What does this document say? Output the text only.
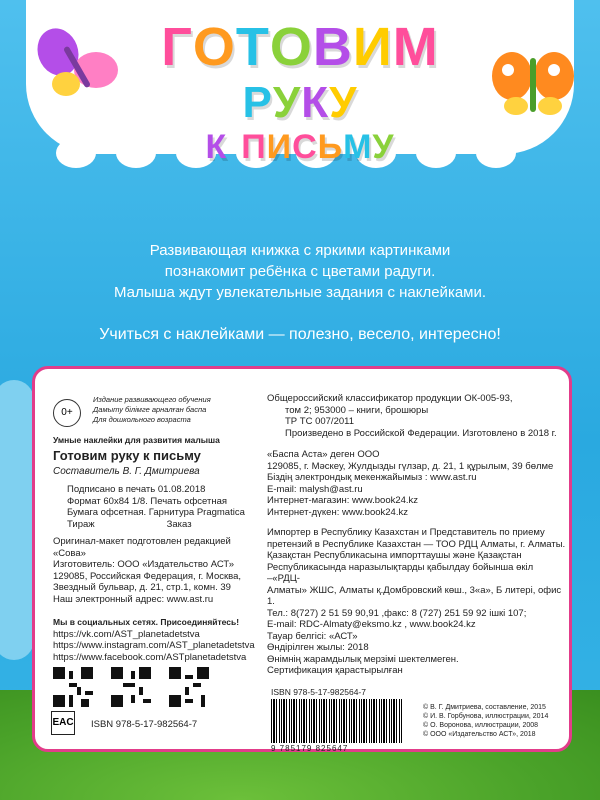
ГОТОВИМ
РУКУ
К ПИСЬМУ
Развивающая книжка с яркими картинками
познакомит ребёнка с цветами радуги.
Малыша ждут увлекательные задания с наклейками.
Учиться с наклейками — полезно, весело, интересно!
0+
Издание развивающего обучения
Дамыту білімге арналған баспа
Для дошкольного возраста
Умные наклейки для развития малыша
Готовим руку к письму
Составитель В. Г. Дмитриева
Подписано в печать 01.08.2018
Формат 60х84 1/8. Печать офсетная
Бумага офсетная. Гарнитура Pragmatica
Тираж	Заказ
Оригинал-макет подготовлен редакцией «Сова»
Изготовитель: ООО «Издательство АСТ»
129085, Российская Федерация, г. Москва,
Звездный бульвар, д. 21, стр.1, комн. 39
Наш электронный адрес: www.ast.ru
Мы в социальных сетях. Присоединяйтесь!
https://vk.com/AST_planetadetstva
https://www.instagram.com/AST_planetadetstva
https://www.facebook.com/ASTplanetadetstva
EAC ISBN 978-5-17-982564-7
Общероссийский классификатор продукции ОК-005-93,
том 2; 953000 – книги, брошюры
ТР ТС 007/2011
Произведено в Российской Федерации. Изготовлено в 2018 г.
«Баспа Аста» деген ООО
129085, г. Мәскеу, Жулдызды гүлзар, д. 21, 1 құрылым, 39 бөлме
Біздің электрондық мекенжайымыз : www.ast.ru
E-mail: malysh@ast.ru
Интернет-магазин: www.book24.kz
Интернет-дүкен: www.book24.kz
Импортер в Республику Казахстан и Представитель по приему
претензий в Республике Казахстан — ТОО РДЦ Алматы, г. Алматы.
Қазақстан Республикасына импорттаушы және Қазақстан
Республикасында наразылықтарды қабылдау бойынша өкіл –«РДЦ-
Алматы» ЖШС, Алматы қ.Домбровский көш., 3«а», Б литері, офис 1.
Тел.: 8(727) 2 51 59 90,91 ,факс: 8 (727) 251 59 92 ішкі 107;
E-mail: RDC-Almaty@eksmo.kz , www.book24.kz
Тауар белгісі: «АСТ»
Өндірілген жылы: 2018
Өнімнің жарамдылық мерзімі шектелмеген.
Сертификация қарастырылған
ISBN 978-5-17-982564-7
9 785179 825647
© В. Г. Дмитриева, составление, 2015
© И. В. Горбунова, иллюстрации, 2014
© О. Воронова, иллюстрации, 2008
© ООО «Издательство АСТ», 2018
